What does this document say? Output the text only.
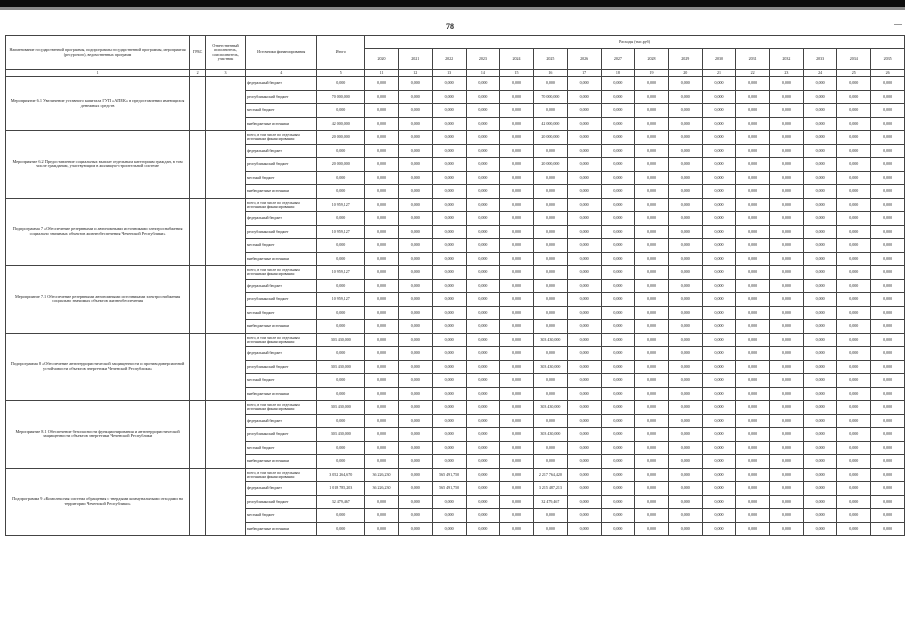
78
Наименование государственной программы, подпрограммы государственной программы, мероприятия (ресурсного), ведомственных программ	ГРБС	Ответственный исполнитель, соисполнитель, участник	Источники финансирования	Итого	Расходы (тыс.руб)															
					2020	2021	2022	2023	2024	2025	2026	2027	2028	2029	2030	2031	2032	2033	2034	2035
1	2	3	4	5	11	12	13	14	15	16	17	18	19	20	21	22	23	24	25	26
Мероприятие 6.1 Увеличение уставного капитала ГУП «АПЕК» в предоставлении имеющихся денежных средств			федеральный бюджет	0,000	0,000	0,000	0,000	0,000	0,000	0,000	0,000	0,000	0,000	0,000	0,000	0,000	0,000	0,000	0,000	0,000
			республиканский бюджет	70 000,000	0,000	0,000	0,000	0,000	0,000	70 000,000	0,000	0,000	0,000	0,000	0,000	0,000	0,000	0,000	0,000	0,000
			местный бюджет	0,000	0,000	0,000	0,000	0,000	0,000	0,000	0,000	0,000	0,000	0,000	0,000	0,000	0,000	0,000	0,000	0,000
			внебюджетные источники	42 000,000	0,000	0,000	0,000	0,000	0,000	42 000,000	0,000	0,000	0,000	0,000	0,000	0,000	0,000	0,000	0,000	0,000
Мероприятие 6.2 Предоставление социальных выплат отдельным категориям граждан, в том числе гражданам, участвующим в жилищно-строительной системе			всего, в том числе по отдельным источникам финансирования:	20 000,000	0,000	0,000	0,000	0,000	0,000	20 000,000	0,000	0,000	0,000	0,000	0,000	0,000	0,000	0,000	0,000	0,000
			федеральный бюджет	0,000	0,000	0,000	0,000	0,000	0,000	0,000	0,000	0,000	0,000	0,000	0,000	0,000	0,000	0,000	0,000	0,000
			республиканский бюджет	20 000,000	0,000	0,000	0,000	0,000	0,000	20 000,000	0,000	0,000	0,000	0,000	0,000	0,000	0,000	0,000	0,000	0,000
			местный бюджет	0,000	0,000	0,000	0,000	0,000	0,000	0,000	0,000	0,000	0,000	0,000	0,000	0,000	0,000	0,000	0,000	0,000
			внебюджетные источники	0,000	0,000	0,000	0,000	0,000	0,000	0,000	0,000	0,000	0,000	0,000	0,000	0,000	0,000	0,000	0,000	0,000
Подпрограмма 7 «Обеспечение резервными и автономными источниками электроснабжения социально значимых объектов жизнеобеспечения Чеченской Республики»			всего, в том числе по отдельным источникам финансирования:	10 959,127	0,000	0,000	0,000	0,000	0,000	0,000	0,000	0,000	0,000	0,000	0,000	0,000	0,000	0,000	0,000	0,000
			федеральный бюджет	0,000	0,000	0,000	0,000	0,000	0,000	0,000	0,000	0,000	0,000	0,000	0,000	0,000	0,000	0,000	0,000	0,000
			республиканский бюджет	10 959,127	0,000	0,000	0,000	0,000	0,000	0,000	0,000	0,000	0,000	0,000	0,000	0,000	0,000	0,000	0,000	0,000
			местный бюджет	0,000	0,000	0,000	0,000	0,000	0,000	0,000	0,000	0,000	0,000	0,000	0,000	0,000	0,000	0,000	0,000	0,000
			внебюджетные источники	0,000	0,000	0,000	0,000	0,000	0,000	0,000	0,000	0,000	0,000	0,000	0,000	0,000	0,000	0,000	0,000	0,000
Мероприятие 7.1 Обеспечение резервными автономными источниками электроснабжения социально значимых объектов жизнеобеспечения			всего, в том числе по отдельным источникам финансирования:	10 959,127	0,000	0,000	0,000	0,000	0,000	0,000	0,000	0,000	0,000	0,000	0,000	0,000	0,000	0,000	0,000	0,000
			федеральный бюджет	0,000	0,000	0,000	0,000	0,000	0,000	0,000	0,000	0,000	0,000	0,000	0,000	0,000	0,000	0,000	0,000	0,000
			республиканский бюджет	10 959,127	0,000	0,000	0,000	0,000	0,000	0,000	0,000	0,000	0,000	0,000	0,000	0,000	0,000	0,000	0,000	0,000
			местный бюджет	0,000	0,000	0,000	0,000	0,000	0,000	0,000	0,000	0,000	0,000	0,000	0,000	0,000	0,000	0,000	0,000	0,000
			внебюджетные источники	0,000	0,000	0,000	0,000	0,000	0,000	0,000	0,000	0,000	0,000	0,000	0,000	0,000	0,000	0,000	0,000	0,000
Подпрограмма 8 «Обеспечение антитеррористической защищенности и противодиверсионной устойчивости объектов энергетики Чеченской Республики»			всего, в том числе по отдельным источникам финансирования:	303 430,000	0,000	0,000	0,000	0,000	0,000	303 430,000	0,000	0,000	0,000	0,000	0,000	0,000	0,000	0,000	0,000	0,000
			федеральный бюджет	0,000	0,000	0,000	0,000	0,000	0,000	0,000	0,000	0,000	0,000	0,000	0,000	0,000	0,000	0,000	0,000	0,000
			республиканский бюджет	303 430,000	0,000	0,000	0,000	0,000	0,000	303 430,000	0,000	0,000	0,000	0,000	0,000	0,000	0,000	0,000	0,000	0,000
			местный бюджет	0,000	0,000	0,000	0,000	0,000	0,000	0,000	0,000	0,000	0,000	0,000	0,000	0,000	0,000	0,000	0,000	0,000
			внебюджетные источники	0,000	0,000	0,000	0,000	0,000	0,000	0,000	0,000	0,000	0,000	0,000	0,000	0,000	0,000	0,000	0,000	0,000
Мероприятие 8.1 Обеспечение безопасности функционирования и антитеррористической защищенности объектов энергетики Чеченской Республики			всего, в том числе по отдельным источникам финансирования:	303 430,000	0,000	0,000	0,000	0,000	0,000	303 430,000	0,000	0,000	0,000	0,000	0,000	0,000	0,000	0,000	0,000	0,000
			федеральный бюджет	0,000	0,000	0,000	0,000	0,000	0,000	0,000	0,000	0,000	0,000	0,000	0,000	0,000	0,000	0,000	0,000	0,000
			республиканский бюджет	303 430,000	0,000	0,000	0,000	0,000	0,000	303 430,000	0,000	0,000	0,000	0,000	0,000	0,000	0,000	0,000	0,000	0,000
			местный бюджет	0,000	0,000	0,000	0,000	0,000	0,000	0,000	0,000	0,000	0,000	0,000	0,000	0,000	0,000	0,000	0,000	0,000
			внебюджетные источники	0,000	0,000	0,000	0,000	0,000	0,000	0,000	0,000	0,000	0,000	0,000	0,000	0,000	0,000	0,000	0,000	0,000
Подпрограмма 9 «Комплексная система обращения с твердыми коммунальными отходами на территории Чеченской Республики»			всего, в том числе по отдельным источникам финансирования:	3 052 264,670	36 226,230	0,000	565 491,750	0,000	0,000	2 217 764,420	0,000	0,000	0,000	0,000	0,000	0,000	0,000	0,000	0,000	0,000
			федеральный бюджет	1 018 785,203	36 226,230	0,000	565 491,750	0,000	0,000	3 215 487,213	0,000	0,000	0,000	0,000	0,000	0,000	0,000	0,000	0,000	0,000
			республиканский бюджет	32 479,467	0,000	0,000	0,000	0,000	0,000	32 479,467	0,000	0,000	0,000	0,000	0,000	0,000	0,000	0,000	0,000	0,000
			местный бюджет	0,000	0,000	0,000	0,000	0,000	0,000	0,000	0,000	0,000	0,000	0,000	0,000	0,000	0,000	0,000	0,000	0,000
			внебюджетные источники	0,000	0,000	0,000	0,000	0,000	0,000	0,000	0,000	0,000	0,000	0,000	0,000	0,000	0,000	0,000	0,000	0,000
